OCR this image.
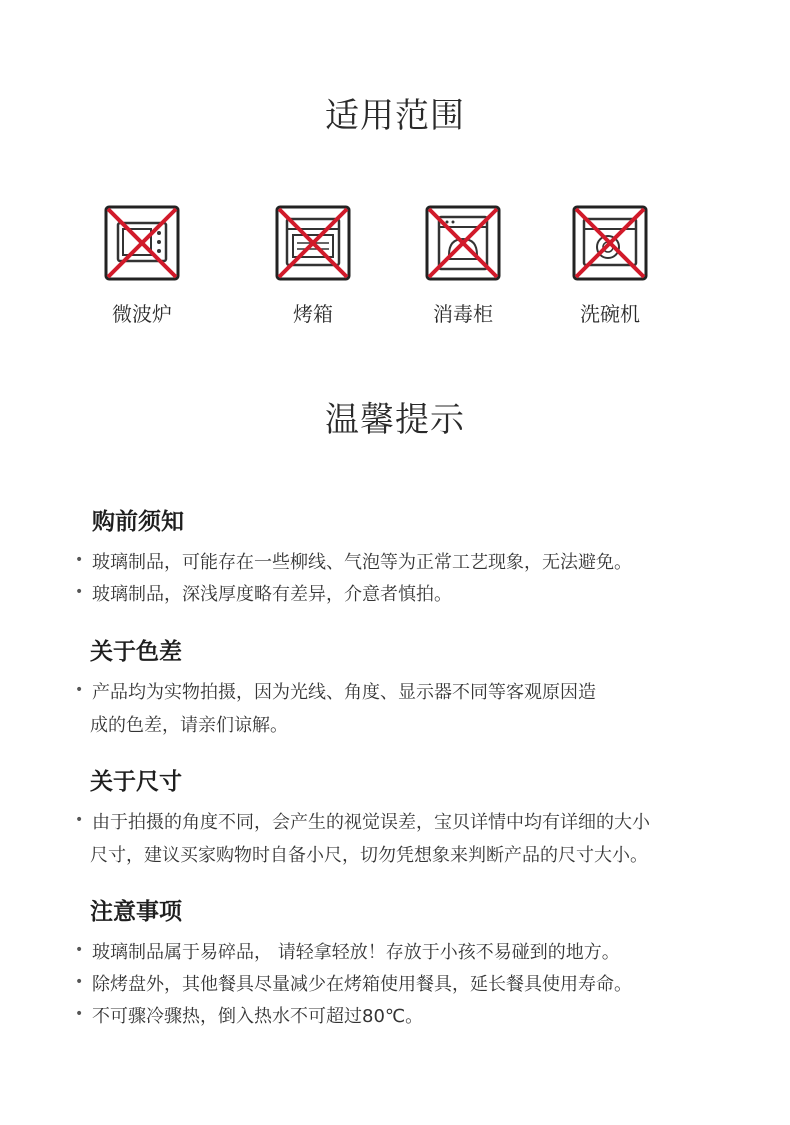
适用范围
微波炉	烤箱	消毒柜	洗碗机
温馨提示
购前须知
• 玻璃制品，可能存在一些柳线、气泡等为正常工艺现象，无法避免。
• 玻璃制品，深浅厚度略有差异，介意者慎拍。
关于色差
• 产品均为实物拍摄，因为光线、角度、显示器不同等客观原因造
成的色差，请亲们谅解。
关于尺寸
• 由于拍摄的角度不同，会产生的视觉误差，宝贝详情中均有详细的大小
尺寸，建议买家购物时自备小尺，切勿凭想象来判断产品的尺寸大小。
注意事项
• 玻璃制品属于易碎品， 请轻拿轻放！存放于小孩不易碰到的地方。
• 除烤盘外，其他餐具尽量减少在烤箱使用餐具，延长餐具使用寿命。
• 不可骤冷骤热，倒入热水不可超过80℃。
